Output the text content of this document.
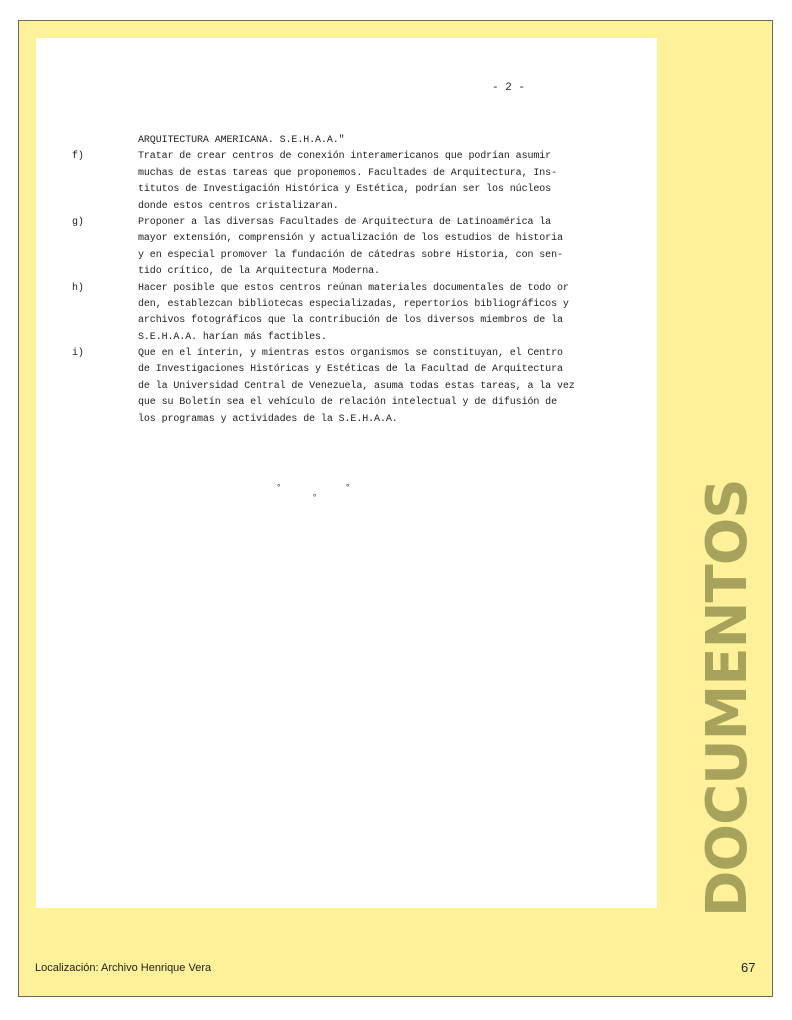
- 2 -
ARQUITECTURA AMERICANA. S.E.H.A.A."
f)	Tratar de crear centros de conexión interamericanos que podrían asumir
muchas de estas tareas que proponemos. Facultades de Arquitectura, Ins-
titutos de Investigación Histórica y Estética, podrían ser los núcleos
donde estos centros cristalizaran.
g)	Proponer a las diversas Facultades de Arquitectura de Latinoamérica la
mayor extensión, comprensión y actualización de los estudios de historia
y en especial promover la fundación de cátedras sobre Historia, con sen-
tido crítico, de la Arquitectura Moderna.
h)	Hacer posible que estos centros reúnan materiales documentales de todo or
den, establezcan bibliotecas especializadas, repertorios bibliográficos y
archivos fotográficos que la contribución de los diversos miembros de la
S.E.H.A.A. harían más factibles.
i)	Que en el ínterin, y mientras estos organismos se constituyan, el Centro
de Investigaciones Históricas y Estéticas de la Facultad de Arquitectura
de la Universidad Central de Venezuela, asuma todas estas tareas, a la vez
que su Boletín sea el vehículo de relación intelectual y de difusión de
los programas y actividades de la S.E.H.A.A.
°	°
°	DOCUMENTOS
Localización: Archivo Henrique Vera	67
